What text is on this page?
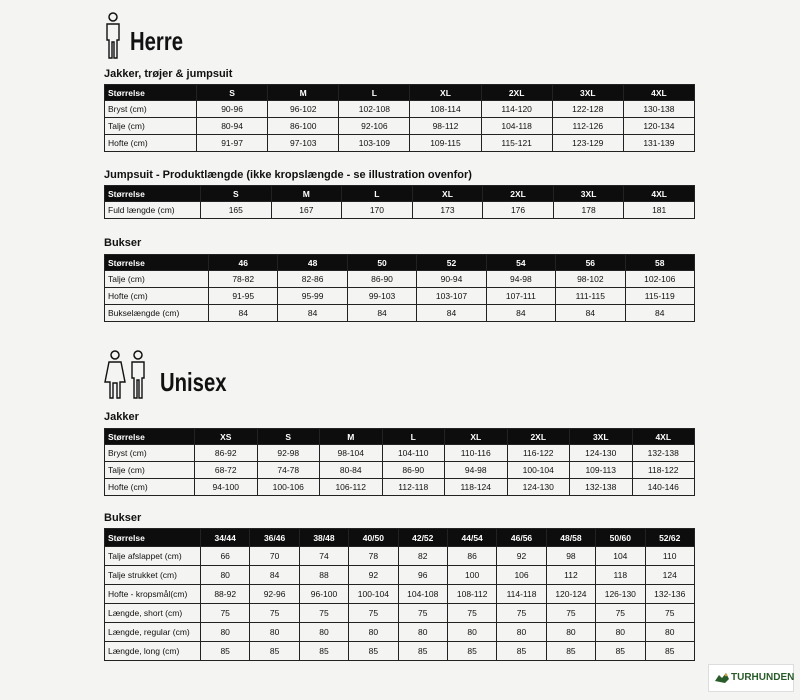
Herre
Jakker, trøjer & jumpsuit
Størrelse	S	M	L	XL	2XL	3XL	4XL
Bryst (cm)	90-96	96-102	102-108	108-114	114-120	122-128	130-138
Talje (cm)	80-94	86-100	92-106	98-112	104-118	112-126	120-134
Hofte (cm)	91-97	97-103	103-109	109-115	115-121	123-129	131-139
Jumpsuit - Produktlængde (ikke kropslængde - se illustration ovenfor)
Størrelse	S	M	L	XL	2XL	3XL	4XL
Fuld længde (cm)	165	167	170	173	176	178	181
Bukser
Størrelse	46	48	50	52	54	56	58
Talje (cm)	78-82	82-86	86-90	90-94	94-98	98-102	102-106
Hofte (cm)	91-95	95-99	99-103	103-107	107-111	111-115	115-119
Bukselængde (cm)	84	84	84	84	84	84	84
Unisex
Jakker
Størrelse	XS	S	M	L	XL	2XL	3XL	4XL
Bryst (cm)	86-92	92-98	98-104	104-110	110-116	116-122	124-130	132-138
Talje (cm)	68-72	74-78	80-84	86-90	94-98	100-104	109-113	118-122
Hofte (cm)	94-100	100-106	106-112	112-118	118-124	124-130	132-138	140-146
Bukser
Størrelse	34/44	36/46	38/48	40/50	42/52	44/54	46/56	48/58	50/60	52/62
Talje afslappet (cm)	66	70	74	78	82	86	92	98	104	110
Talje strukket (cm)	80	84	88	92	96	100	106	112	118	124
Hofte - kropsmål(cm)	88-92	92-96	96-100	100-104	104-108	108-112	114-118	120-124	126-130	132-136
Længde, short (cm)	75	75	75	75	75	75	75	75	75	75
Længde, regular (cm)	80	80	80	80	80	80	80	80	80	80
Længde, long (cm)	85	85	85	85	85	85	85	85	85	85
TURHUNDEN
